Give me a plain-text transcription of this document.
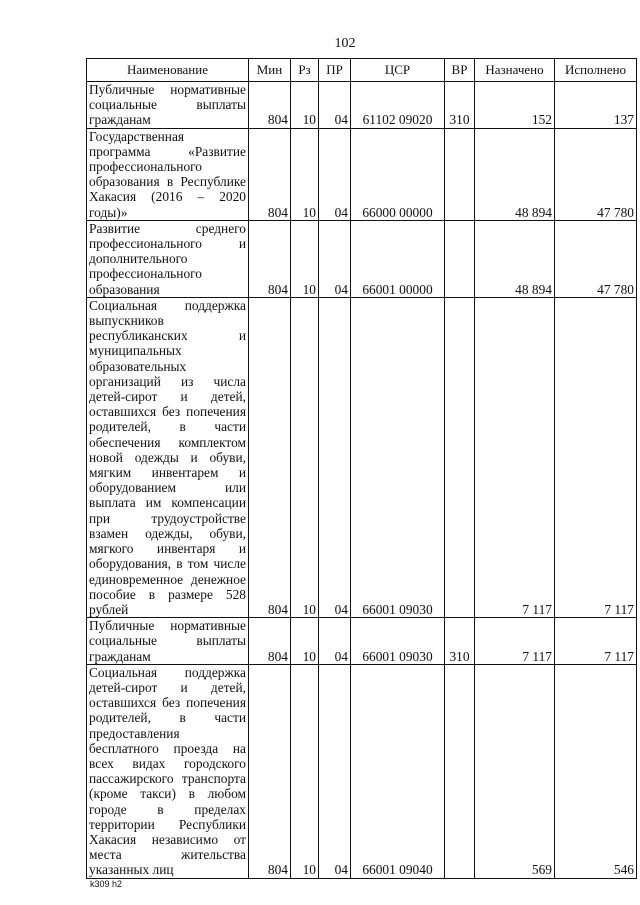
102
Наименование	Мин	Рз	ПР	ЦСР	ВР	Назначено	Исполнено
Публичные нормативные социальные выплаты гражданам	804	10	04	61102 09020	310	152	137
Государственная программа «Развитие профессионального образования в Республике Хакасия (2016 – 2020 годы)»	804	10	04	66000 00000		48 894	47 780
Развитие среднего профессионального и дополнительного профессионального образования	804	10	04	66001 00000		48 894	47 780
Социальная поддержка выпускников республиканских и муниципальных образовательных организаций из числа детей-сирот и детей, оставшихся без попечения родителей, в части обеспечения комплектом новой одежды и обуви, мягким инвентарем и оборудованием или выплата им компенсации при трудоустройстве взамен одежды, обуви, мягкого инвентаря и оборудования, в том числе единовременное денежное пособие в размере 528 рублей	804	10	04	66001 09030		7 117	7 117
Публичные нормативные социальные выплаты гражданам	804	10	04	66001 09030	310	7 117	7 117
Социальная поддержка детей-сирот и детей, оставшихся без попечения родителей, в части предоставления бесплатного проезда на всех видах городского пассажирского транспорта (кроме такси) в любом городе в пределах территории Республики Хакасия независимо от места жительства указанных лиц	804	10	04	66001 09040		569	546
k309 h2
